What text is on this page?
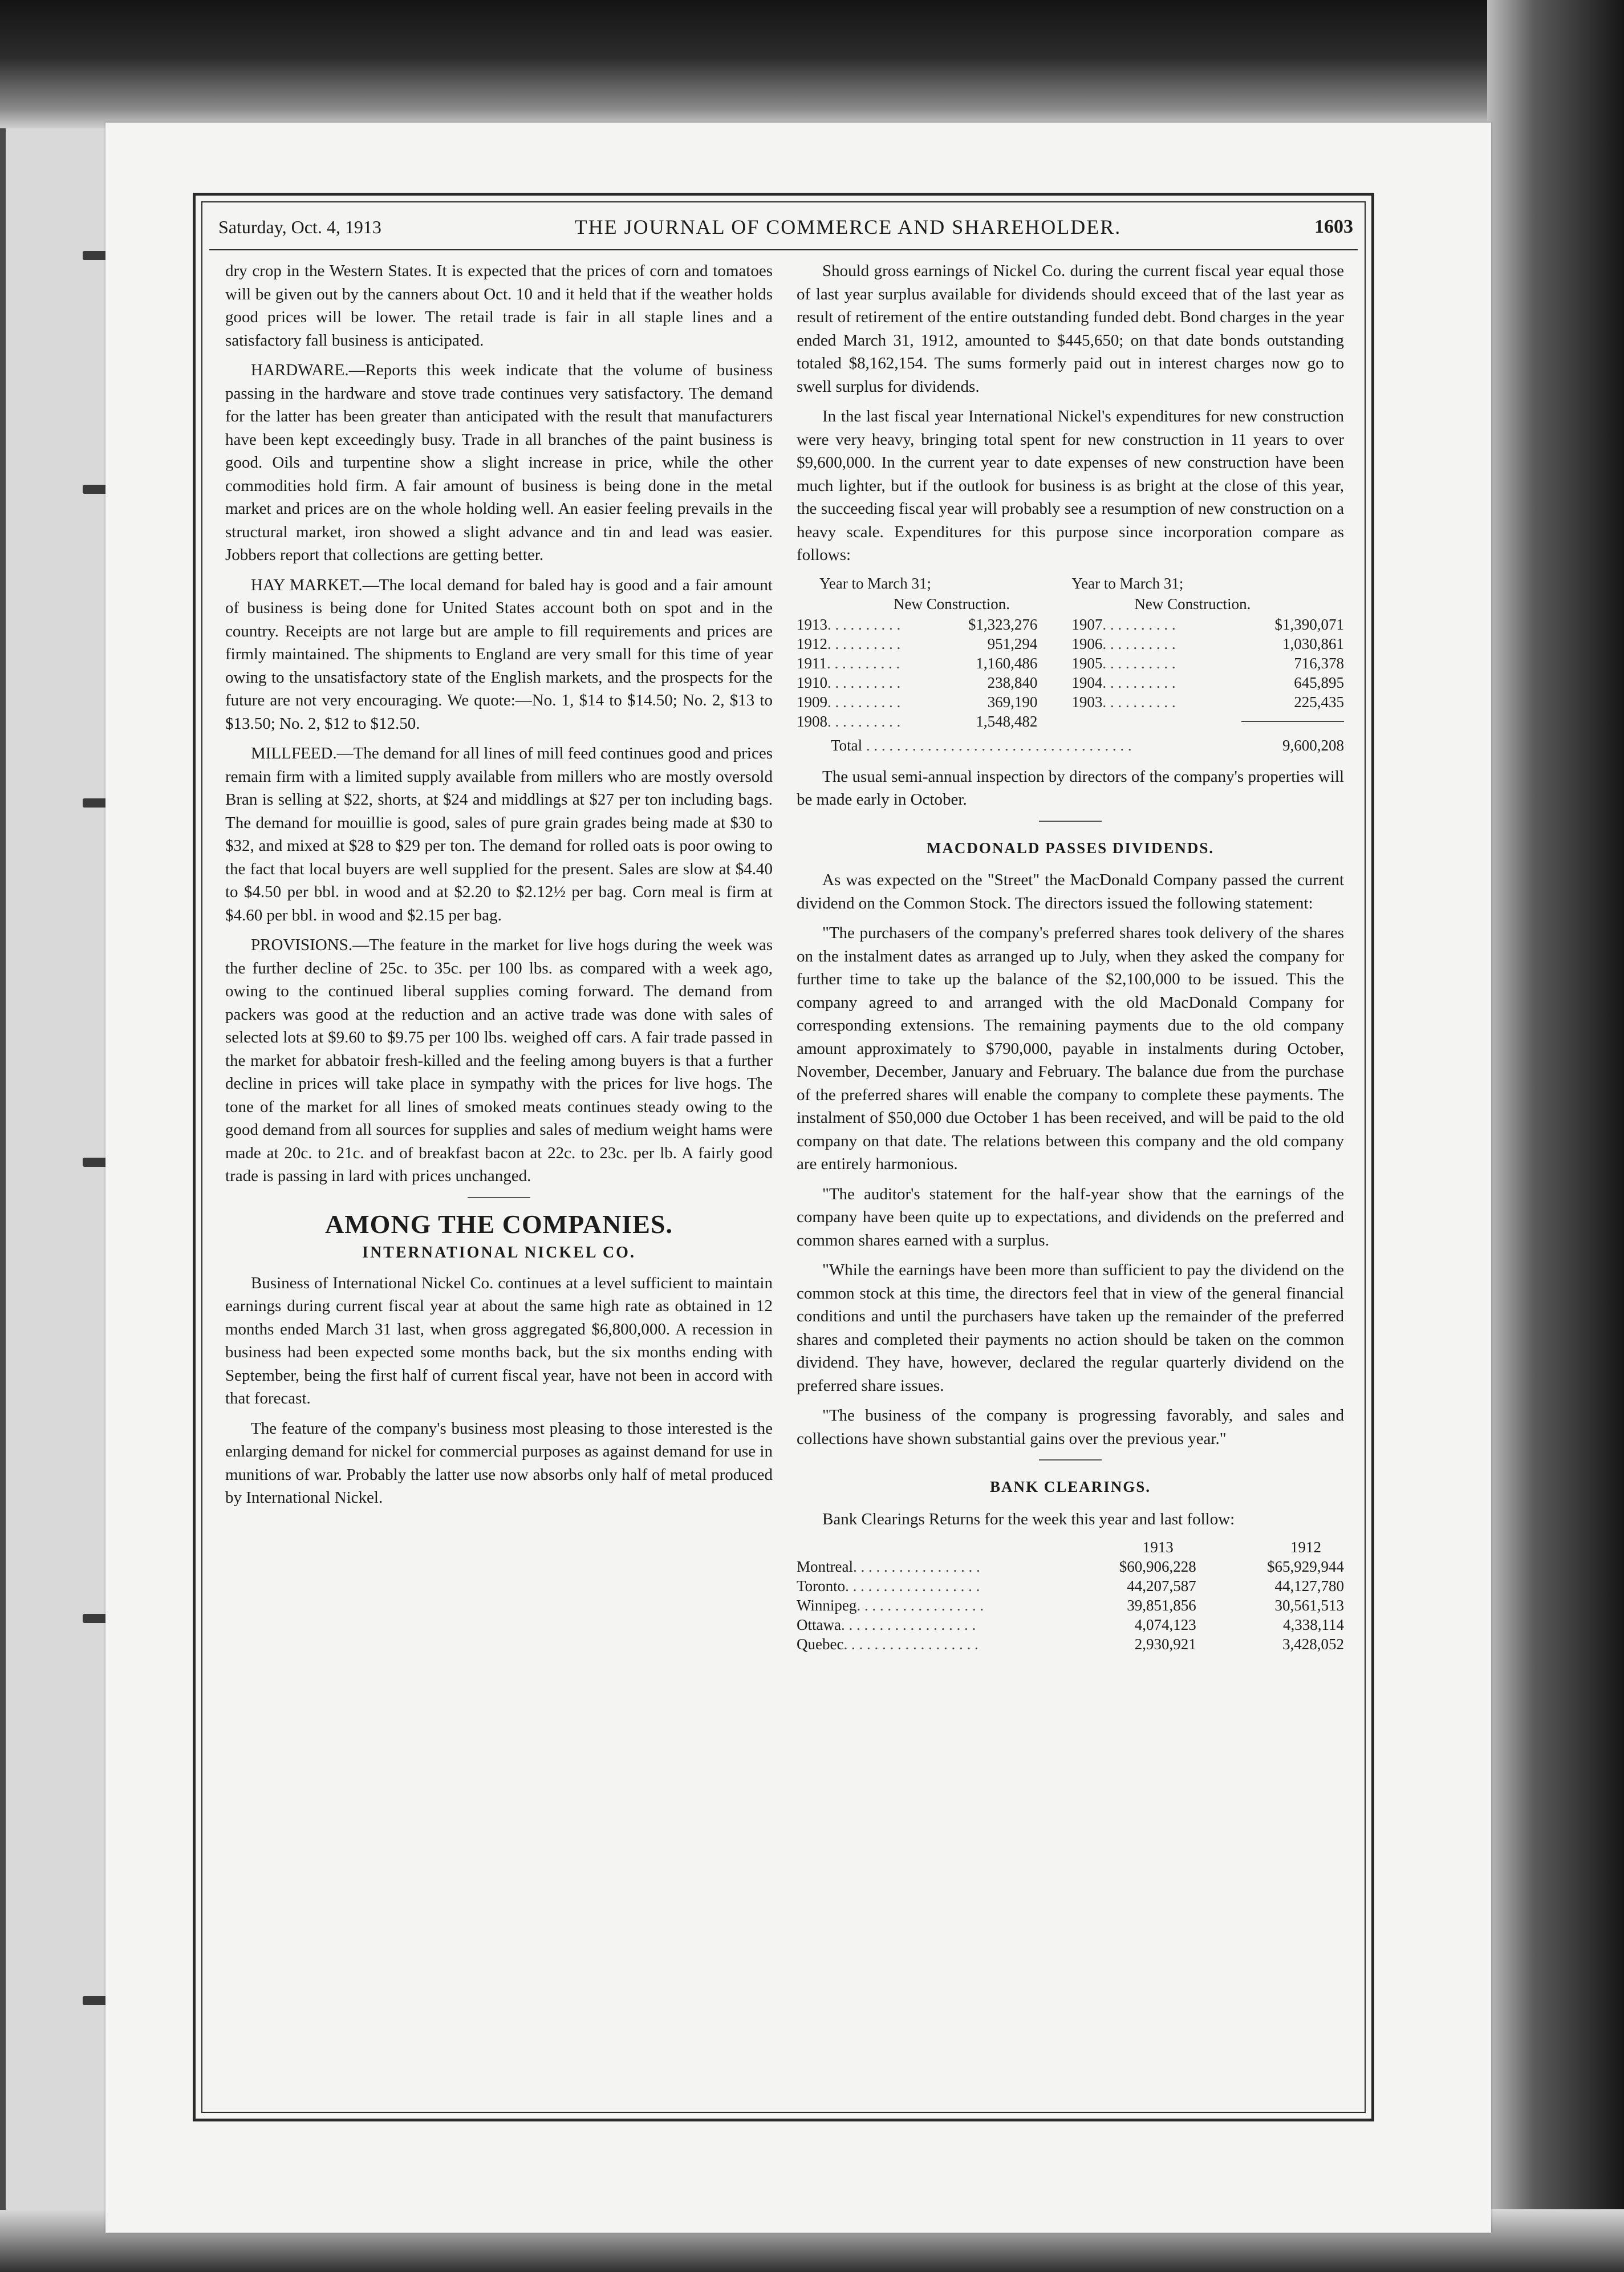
Saturday, Oct. 4, 1913	THE JOURNAL OF COMMERCE AND SHAREHOLDER.	1603

dry crop in the Western States. It is expected that the prices of corn and tomatoes will be given out by the canners about Oct. 10 and it held that if the weather holds good prices will be lower. The retail trade is fair in all staple lines and a satisfactory fall business is anticipated.

HARDWARE.—Reports this week indicate that the volume of business passing in the hardware and stove trade continues very satisfactory. The demand for the latter has been greater than anticipated with the result that manufacturers have been kept exceedingly busy. Trade in all branches of the paint business is good. Oils and turpentine show a slight increase in price, while the other commodities hold firm. A fair amount of business is being done in the metal market and prices are on the whole holding well. An easier feeling prevails in the structural market, iron showed a slight advance and tin and lead was easier. Jobbers report that collections are getting better.

HAY MARKET.—The local demand for baled hay is good and a fair amount of business is being done for United States account both on spot and in the country. Receipts are not large but are ample to fill requirements and prices are firmly maintained. The shipments to England are very small for this time of year owing to the unsatisfactory state of the English markets, and the prospects for the future are not very encouraging. We quote:—No. 1, $14 to $14.50; No. 2, $13 to $13.50; No. 2, $12 to $12.50.

MILLFEED.—The demand for all lines of mill feed continues good and prices remain firm with a limited supply available from millers who are mostly oversold Bran is selling at $22, shorts, at $24 and middlings at $27 per ton including bags. The demand for mouillie is good, sales of pure grain grades being made at $30 to $32, and mixed at $28 to $29 per ton. The demand for rolled oats is poor owing to the fact that local buyers are well supplied for the present. Sales are slow at $4.40 to $4.50 per bbl. in wood and at $2.20 to $2.12½ per bag. Corn meal is firm at $4.60 per bbl. in wood and $2.15 per bag.

PROVISIONS.—The feature in the market for live hogs during the week was the further decline of 25c. to 35c. per 100 lbs. as compared with a week ago, owing to the continued liberal supplies coming forward. The demand from packers was good at the reduction and an active trade was done with sales of selected lots at $9.60 to $9.75 per 100 lbs. weighed off cars. A fair trade passed in the market for abbatoir fresh-killed and the feeling among buyers is that a further decline in prices will take place in sympathy with the prices for live hogs. The tone of the market for all lines of smoked meats continues steady owing to the good demand from all sources for supplies and sales of medium weight hams were made at 20c. to 21c. and of breakfast bacon at 22c. to 23c. per lb. A fairly good trade is passing in lard with prices unchanged.

AMONG THE COMPANIES.
INTERNATIONAL NICKEL CO.

Business of International Nickel Co. continues at a level sufficient to maintain earnings during current fiscal year at about the same high rate as obtained in 12 months ended March 31 last, when gross aggregated $6,800,000. A recession in business had been expected some months back, but the six months ending with September, being the first half of current fiscal year, have not been in accord with that forecast.

The feature of the company's business most pleasing to those interested is the enlarging demand for nickel for commercial purposes as against demand for use in munitions of war. Probably the latter use now absorbs only half of metal produced by International Nickel.

Should gross earnings of Nickel Co. during the current fiscal year equal those of last year surplus available for dividends should exceed that of the last year as result of retirement of the entire outstanding funded debt. Bond charges in the year ended March 31, 1912, amounted to $445,650; on that date bonds outstanding totaled $8,162,154. The sums formerly paid out in interest charges now go to swell surplus for dividends.

In the last fiscal year International Nickel's expenditures for new construction were very heavy, bringing total spent for new construction in 11 years to over $9,600,000. In the current year to date expenses of new construction have been much lighter, but if the outlook for business is as bright at the close of this year, the succeeding fiscal year will probably see a resumption of new construction on a heavy scale. Expenditures for this purpose since incorporation compare as follows:

Year to March 31;		Year to March 31;	
New Construction.		New Construction.	
1913. . . . . . . . . .	$1,323,276	1907. . . . . . . . . .	$1,390,071
1912. . . . . . . . . .	951,294	1906. . . . . . . . . .	1,030,861
1911. . . . . . . . . .	1,160,486	1905. . . . . . . . . .	716,378
1910. . . . . . . . . .	238,840	1904. . . . . . . . . .	645,895
1909. . . . . . . . . .	369,190	1903. . . . . . . . . .	225,435
1908. . . . . . . . . .	1,548,482		

Total . . . . . . . . . . . . . . . . . . . . . . . . . . . . . . . . . . .			9,600,208

The usual semi-annual inspection by directors of the company's properties will be made early in October.

MACDONALD PASSES DIVIDENDS.

As was expected on the "Street" the MacDonald Company passed the current dividend on the Common Stock. The directors issued the following statement:

"The purchasers of the company's preferred shares took delivery of the shares on the instalment dates as arranged up to July, when they asked the company for further time to take up the balance of the $2,100,000 to be issued. This the company agreed to and arranged with the old MacDonald Company for corresponding extensions. The remaining payments due to the old company amount approximately to $790,000, payable in instalments during October, November, December, January and February. The balance due from the purchase of the preferred shares will enable the company to complete these payments. The instalment of $50,000 due October 1 has been received, and will be paid to the old company on that date. The relations between this company and the old company are entirely harmonious.

"The auditor's statement for the half-year show that the earnings of the company have been quite up to expectations, and dividends on the preferred and common shares earned with a surplus.

"While the earnings have been more than sufficient to pay the dividend on the common stock at this time, the directors feel that in view of the general financial conditions and until the purchasers have taken up the remainder of the preferred shares and completed their payments no action should be taken on the common dividend. They have, however, declared the regular quarterly dividend on the preferred share issues.

"The business of the company is progressing favorably, and sales and collections have shown substantial gains over the previous year."

BANK CLEARINGS.

Bank Clearings Returns for the week this year and last follow:

	1913	1912
Montreal. . . . . . . . . . . . . . . . .	$60,906,228	$65,929,944
Toronto. . . . . . . . . . . . . . . . . .	44,207,587	44,127,780
Winnipeg. . . . . . . . . . . . . . . . .	39,851,856	30,561,513
Ottawa. . . . . . . . . . . . . . . . . .	4,074,123	4,338,114
Quebec. . . . . . . . . . . . . . . . . .	2,930,921	3,428,052
